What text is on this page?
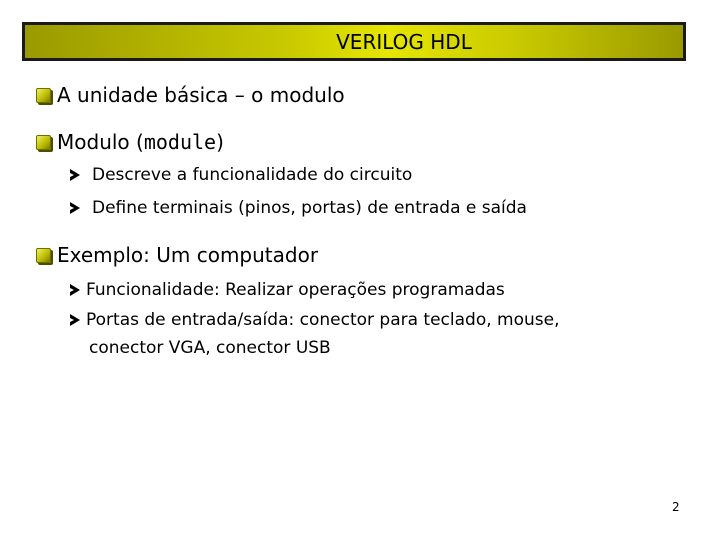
VERILOG HDL
A unidade básica – o modulo
Modulo ( module )
Descreve a funcionalidade do circuito
Define terminais (pinos, portas) de entrada e saída
Exemplo: Um computador
Funcionalidade: Realizar operações programadas
Portas de entrada/saída: conector para teclado, mouse,
conector VGA, conector USB
2
